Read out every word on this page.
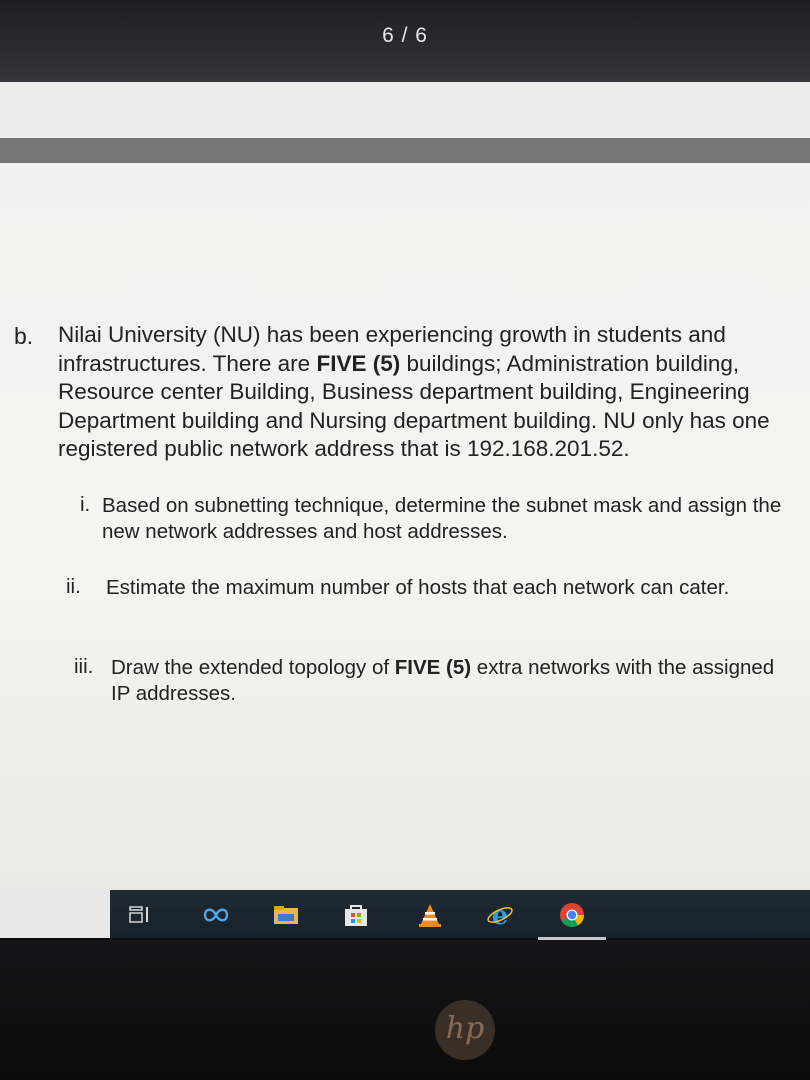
6 / 6
b. Nilai University (NU) has been experiencing growth in students and infrastructures. There are FIVE (5) buildings; Administration building, Resource center Building, Business department building, Engineering Department building and Nursing department building. NU only has one registered public network address that is 192.168.201.52.

i. Based on subnetting technique, determine the subnet mask and assign the new network addresses and host addresses.

ii. Estimate the maximum number of hosts that each network can cater.

iii. Draw the extended topology of FIVE (5) extra networks with the assigned IP addresses.

e
hp
